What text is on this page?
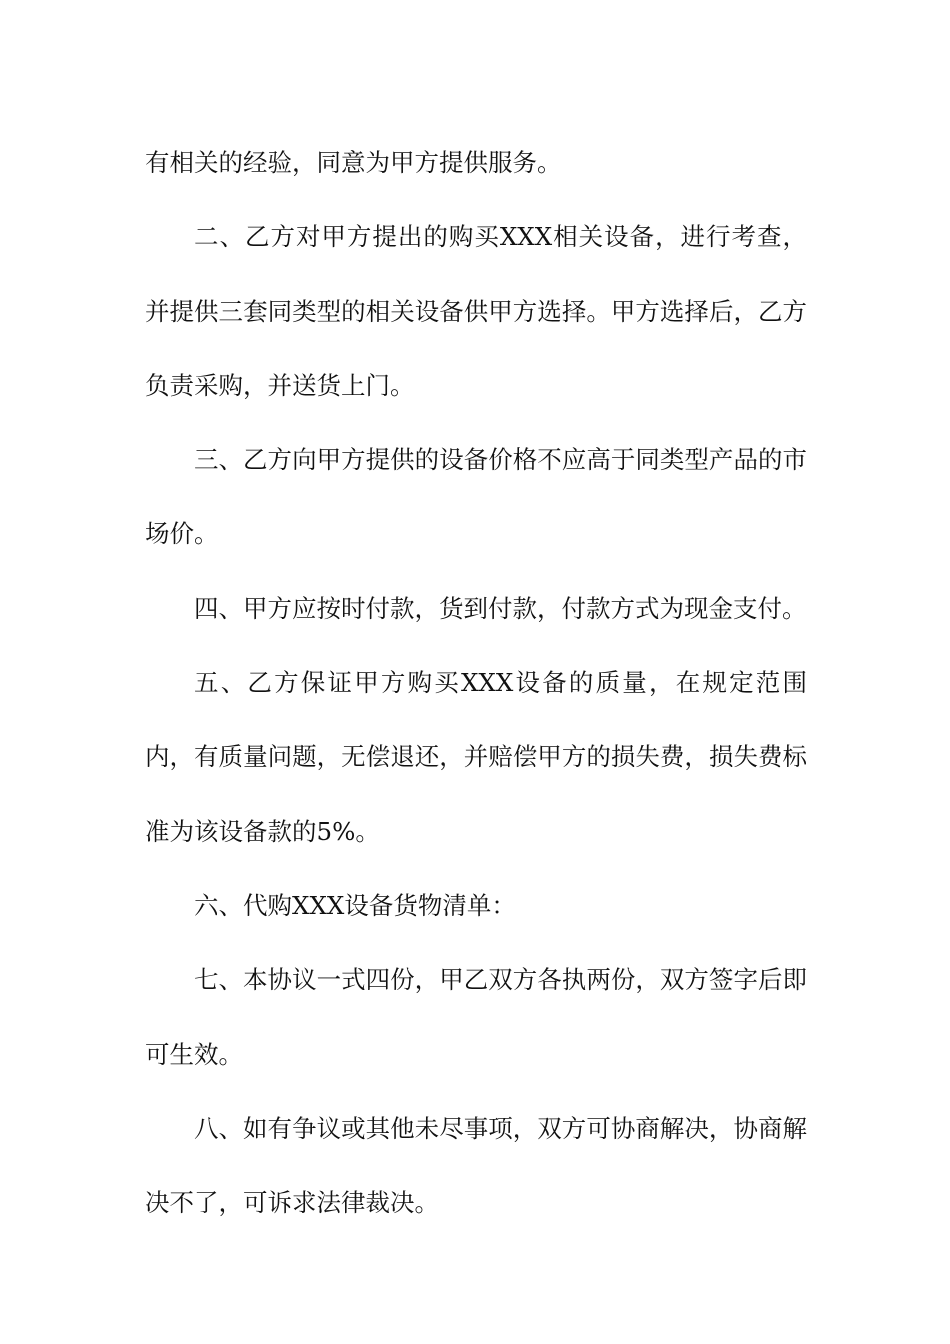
有相关的经验，同意为甲方提供服务。

二、乙方对甲方提出的购买XXX相关设备，进行考查，并提供三套同类型的相关设备供甲方选择。甲方选择后，乙方负责采购，并送货上门。

三、乙方向甲方提供的设备价格不应高于同类型产品的市场价。

四、甲方应按时付款，货到付款，付款方式为现金支付。

五、乙方保证甲方购买XXX设备的质量，在规定范围内，有质量问题，无偿退还，并赔偿甲方的损失费，损失费标准为该设备款的5%。

六、代购XXX设备货物清单：

七、本协议一式四份，甲乙双方各执两份，双方签字后即可生效。

八、如有争议或其他未尽事项，双方可协商解决，协商解决不了，可诉求法律裁决。
